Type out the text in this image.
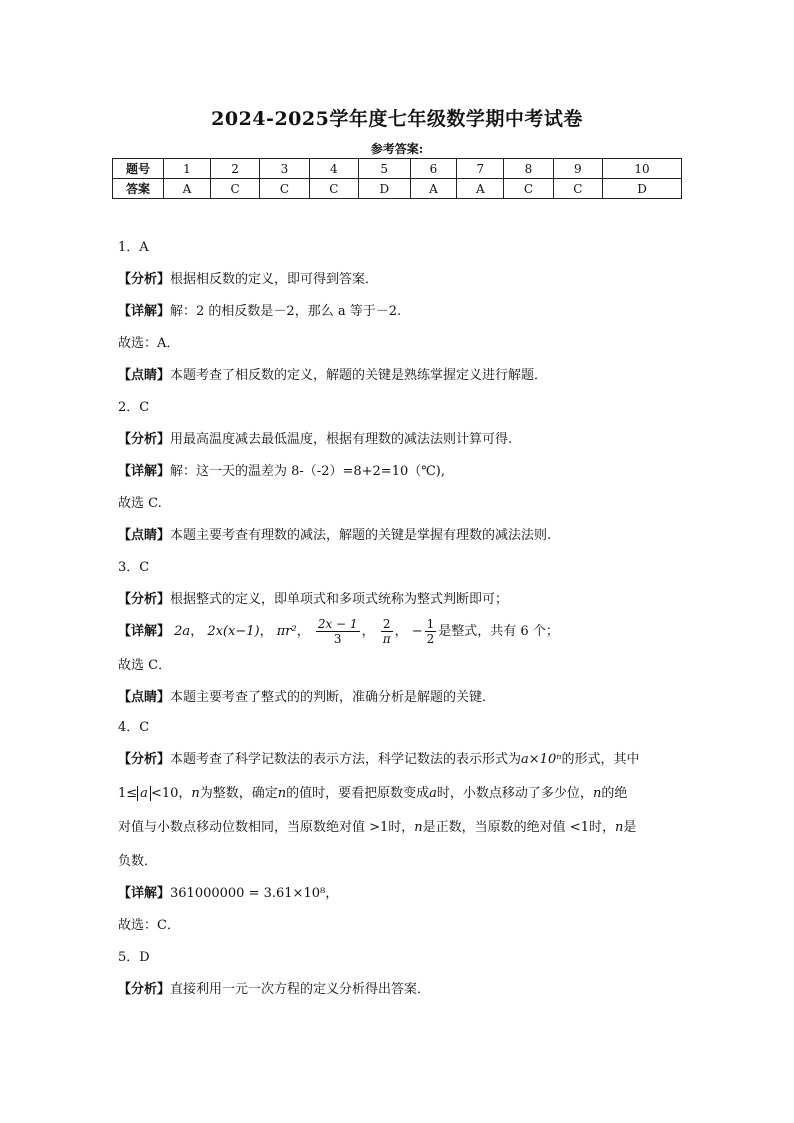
2024-2025学年度七年级数学期中考试卷
参考答案:
题号	1	2	3	4	5	6	7	8	9	10
答案	A	C	C	C	D	A	A	C	C	D
1．A
【分析】根据相反数的定义，即可得到答案．
【详解】解：2 的相反数是－2，那么 a 等于－2.
故选：A．
【点睛】本题考查了相反数的定义，解题的关键是熟练掌握定义进行解题．
2．C
【分析】用最高温度减去最低温度，根据有理数的减法法则计算可得.
【详解】解：这一天的温差为 8-（-2）=8+2=10（℃),
故选 C.
【点睛】本题主要考查有理数的减法，解题的关键是掌握有理数的减法法则.
3．C
【分析】根据整式的定义，即单项式和多项式统称为整式判断即可；
【详解】 2a， 2x(x−1)， πr²， $\frac{2x - 1}{3}$ ， $\frac{2}{\pi}$ ， − $\frac{1}{2}$ 是整式，共有 6 个；
故选 C．
【点睛】本题主要考查了整式的的判断，准确分析是解题的关键．
4．C
【分析】本题考查了科学记数法的表示方法，科学记数法的表示形式为a×10ⁿ的形式，其中
1≤ a <10，n为整数，确定n的值时，要看把原数变成a时，小数点移动了多少位，n的绝
对值与小数点移动位数相同，当原数绝对值 >1时，n是正数，当原数的绝对值 <1时，n是
负数．
【详解】361000000 = 3.61×10⁸，
故选：C．
5．D
【分析】直接利用一元一次方程的定义分析得出答案．
